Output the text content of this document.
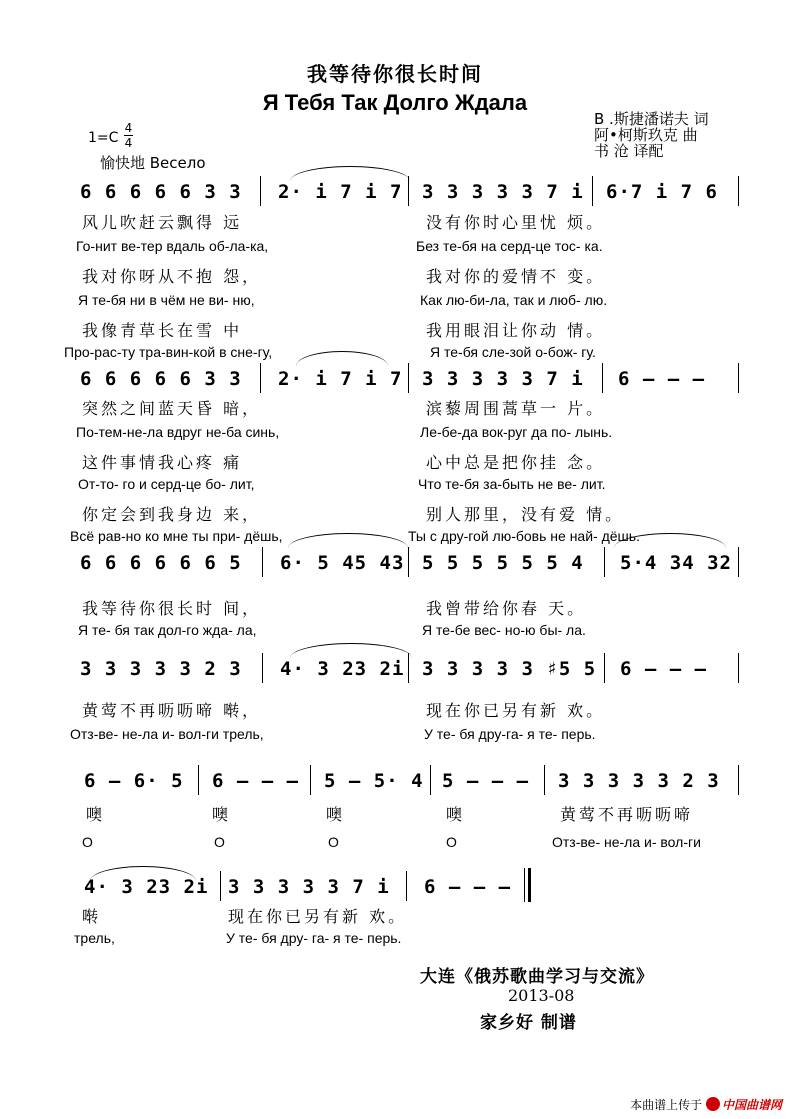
我等待你很长时间
Я Тебя Так Долго Ждала
Β .斯捷潘诺夫 词
阿•柯斯玖克 曲
书 沧 译配
1=C
4
4
愉快地 Весело
6 6 6 6 6 3 3 2· i 7 i 7 3 3 3 3 3 7 i 6·7 i 7 6
风儿吹赶云飘得 远	没有你时心里忧 烦。
Го-нит ве-тер вдаль об-ла-ка,	Без те-бя на серд-це тос- ка.
我对你呀从不抱 怨，	我对你的爱情不 变。
Я те-бя ни в чём не ви- ню,	Как лю-би-ла, так и люб- лю.
我像青草长在雪 中	我用眼泪让你动 情。
Про-рас-ту тра-вин-кой в сне-гу,	Я те-бя сле-зой о-бож- гу.
6 6 6 6 6 3 3 2· i 7 i 7 3 3 3 3 3 7 i 6 – – –
突然之间蓝天昏 暗，	滨藜周围蒿草一 片。
По-тем-не-ла вдруг не-ба синь,	Ле-бе-да вок-руг да по- лынь.
这件事情我心疼 痛	心中总是把你挂 念。
От-то- го и серд-це бо- лит,	Что те-бя за-быть не ве- лит.
你定会到我身边 来，	别人那里，没有爱 情。
Всё рав-но ко мне ты при- дёшь,	Ты с дру-гой лю-бовь не най- дёшь.
6 6 6 6 6 6 5 6· 5 45 43 5 5 5 5 5 5 4 5·4 34 32
我等待你很长时 间，	我曾带给你春 天。
Я те- бя так дол-го жда- ла,	Я те-бе вес- но-ю бы- ла.
3 3 3 3 3 2 3 4· 3 23 2i 3 3 3 3 3 ♯5 5 6 – – –
黄莺不再呖呖啼 啭，	现在你已另有新 欢。
Отз-ве- не-ла и- вол-ги трель,	У те- бя дру-га- я те- перь.
6 – 6· 5 6 – – – 5 – 5· 4 5 – – – 3 3 3 3 3 2 3
噢	噢	噢	噢	黄莺不再呖呖啼
O	O	O	O	Отз-ве- не-ла и- вол-ги
4· 3 23 2i 3 3 3 3 3 7 i 6 – – –
啭	现在你已另有新 欢。
трель,	У те- бя дру- га- я те- перь.
大连《俄苏歌曲学习与交流》
2013-08
家乡好 制谱
本曲谱上传于 中国曲谱网
